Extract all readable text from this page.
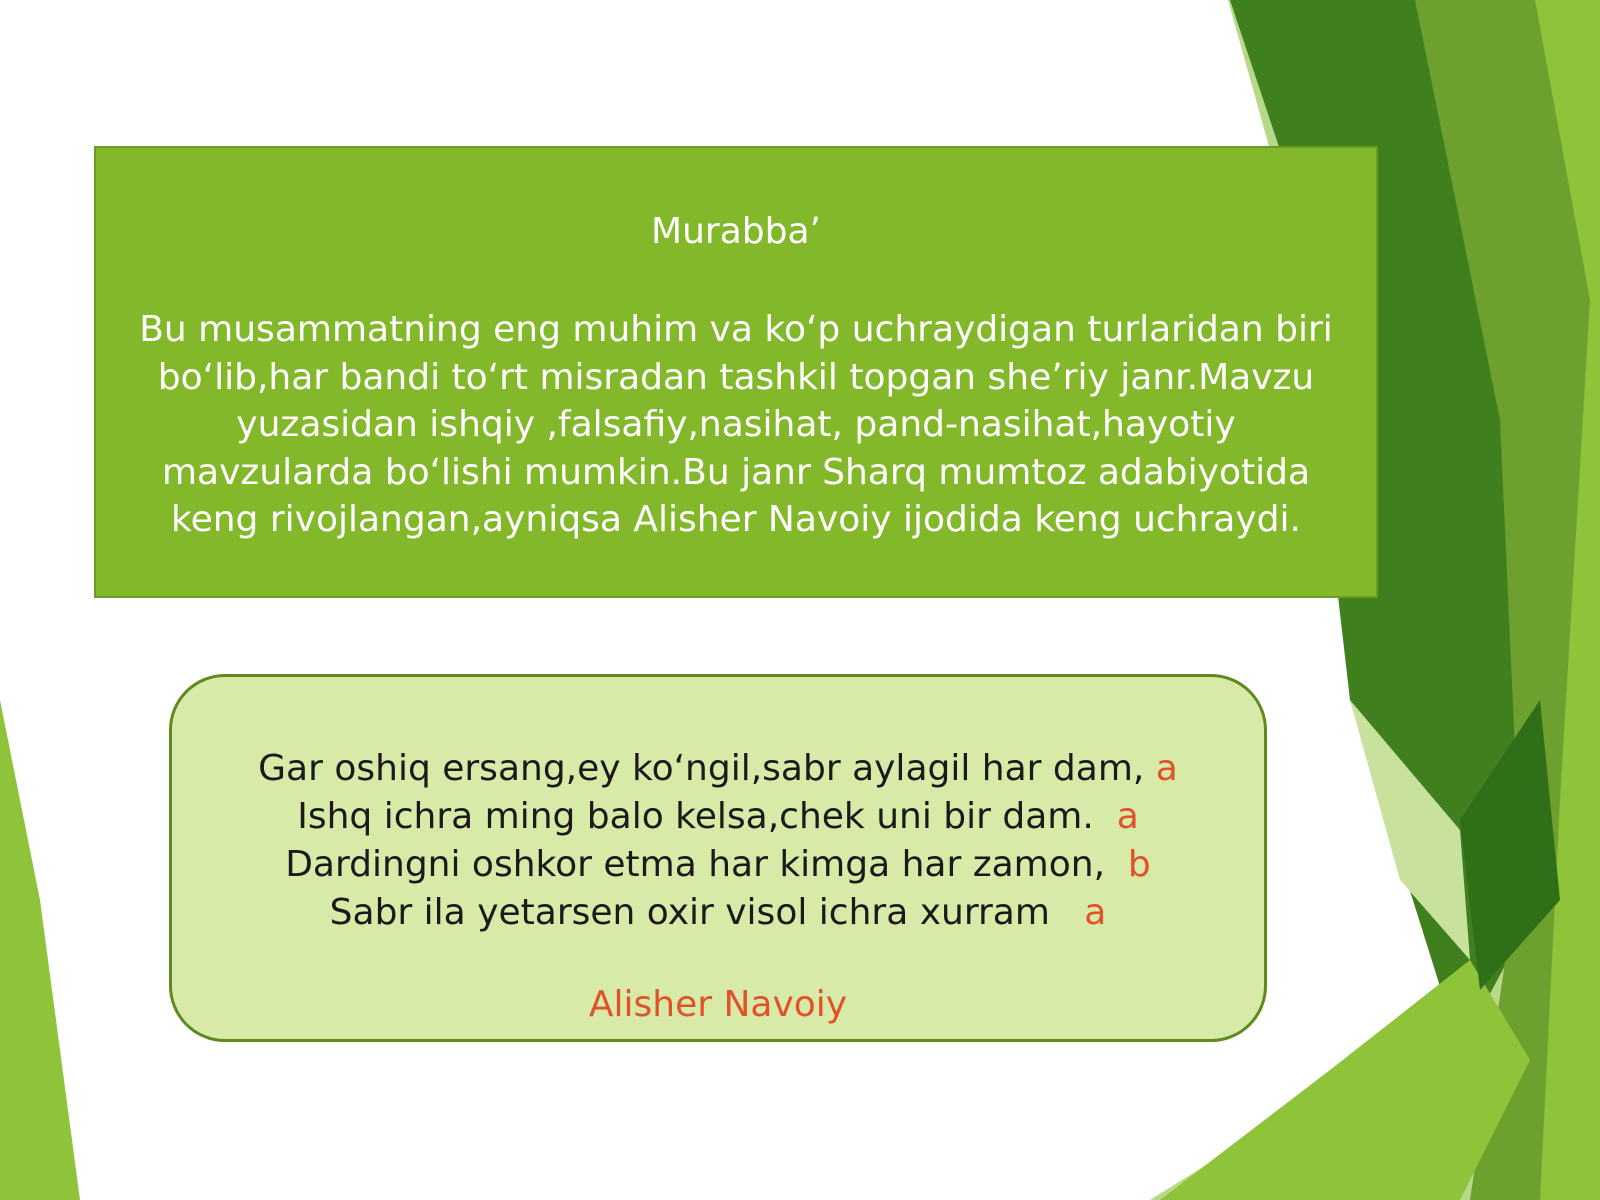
Murabba’
Bu musammatning eng muhim va ko‘p uchraydigan turlaridan biri
bo‘lib,har bandi to‘rt misradan tashkil topgan she’riy janr.Mavzu
yuzasidan ishqiy ,falsafiy,nasihat, pand-nasihat,hayotiy
mavzularda bo‘lishi mumkin.Bu janr Sharq mumtoz adabiyotida
keng rivojlangan,ayniqsa Alisher Navoiy ijodida keng uchraydi.
Gar oshiq ersang,ey ko‘ngil,sabr aylagil har dam, a
Ishq ichra ming balo kelsa,chek uni bir dam.  a
Dardingni oshkor etma har kimga har zamon,  b
Sabr ila yetarsen oxir visol ichra xurram   a
Alisher Navoiy
